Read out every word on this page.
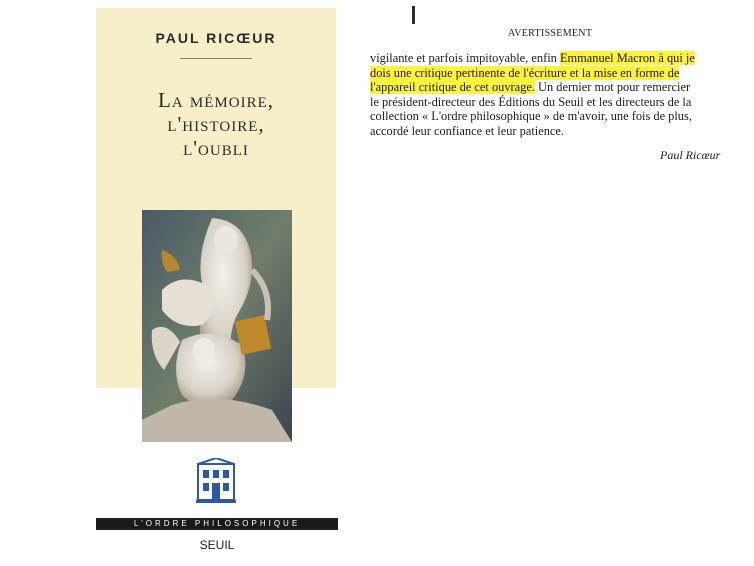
PAUL RICŒUR
La mémoire,
l'histoire,
l'oubli
L'ORDRE PHILOSOPHIQUE
SEUIL
AVERTISSEMENT
vigilante et parfois impitoyable, enfin Emmanuel Macron à qui je
dois une critique pertinente de l'écriture et la mise en forme de
l'appareil critique de cet ouvrage. Un dernier mot pour remercier
le président-directeur des Éditions du Seuil et les directeurs de la
collection « L'ordre philosophique » de m'avoir, une fois de plus,
accordé leur confiance et leur patience.
Paul Ricœur
